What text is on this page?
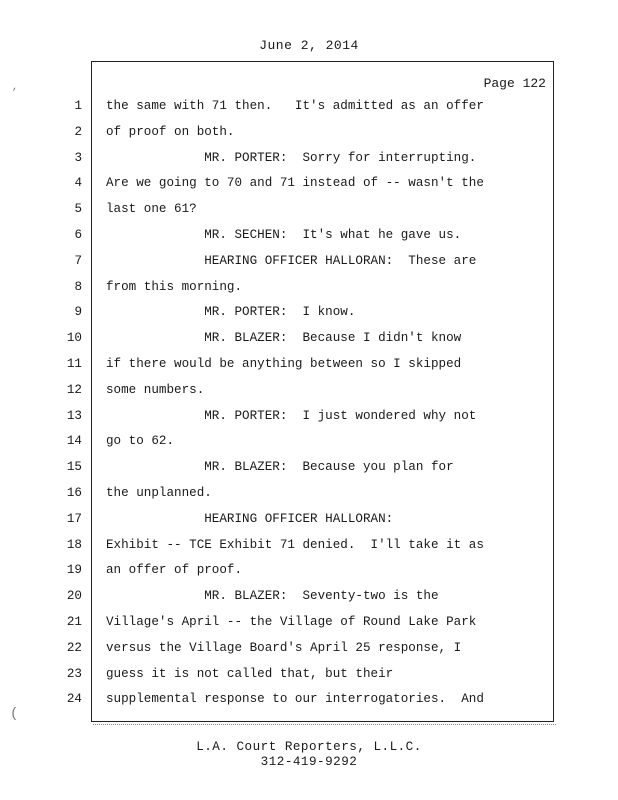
June 2, 2014
Page 122
1 the same with 71 then.   It's admitted as an offer
2 of proof on both.
3 MR. PORTER:  Sorry for interrupting.
4 Are we going to 70 and 71 instead of -- wasn't the
5 last one 61?
6 MR. SECHEN:  It's what he gave us.
7 HEARING OFFICER HALLORAN:  These are
8 from this morning.
9 MR. PORTER:  I know.
10 MR. BLAZER:  Because I didn't know
11 if there would be anything between so I skipped
12 some numbers.
13 MR. PORTER:  I just wondered why not
14 go to 62.
15 MR. BLAZER:  Because you plan for
16 the unplanned.
17 HEARING OFFICER HALLORAN:
18 Exhibit -- TCE Exhibit 71 denied.  I'll take it as
19 an offer of proof.
20 MR. BLAZER:  Seventy-two is the
21 Village's April -- the Village of Round Lake Park
22 versus the Village Board's April 25 response, I
23 guess it is not called that, but their
24 supplemental response to our interrogatories.  And
L.A. Court Reporters, L.L.C.
312-419-9292
,
(
